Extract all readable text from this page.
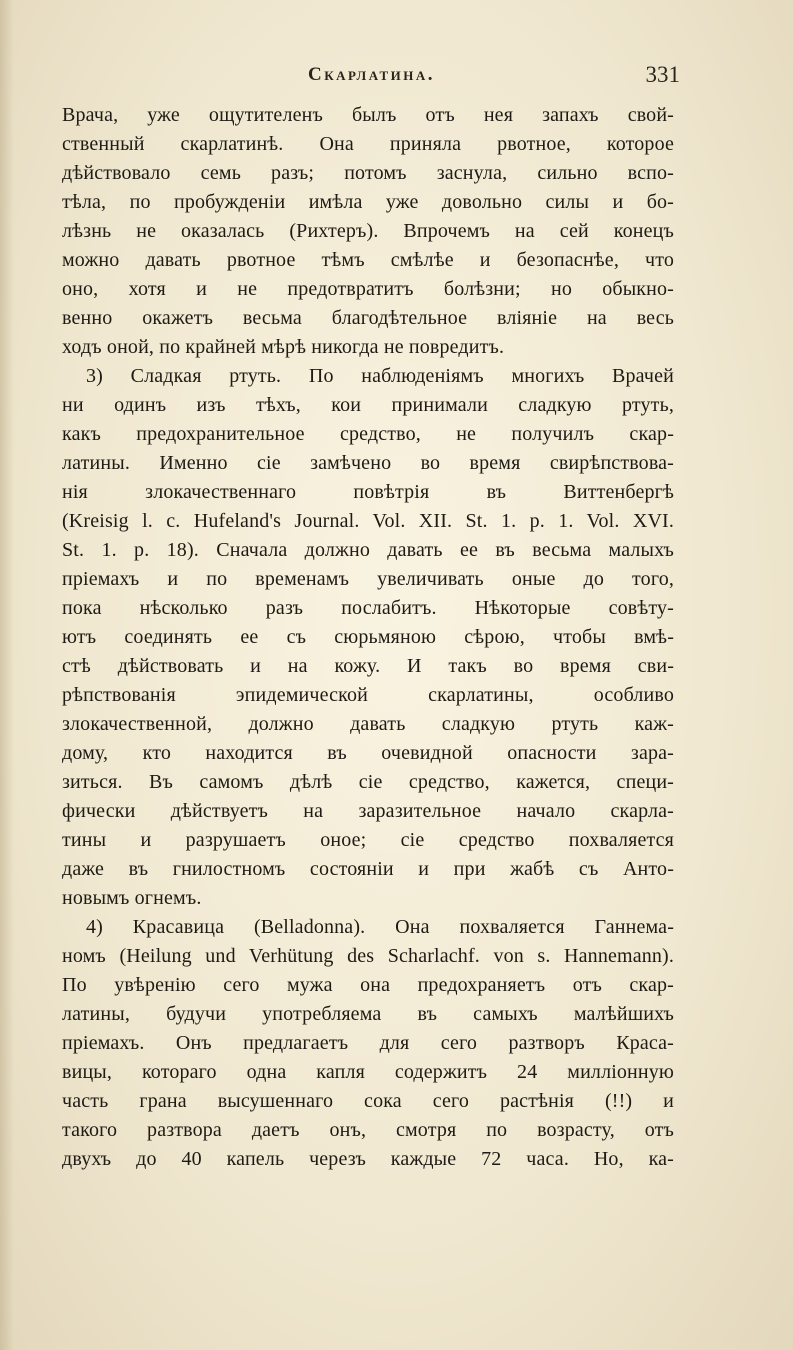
Скарлатина.	331
Врача, уже ощутителенъ былъ отъ нея запахъ свой-
ственный скарлатинѣ. Она приняла рвотное, которое
дѣйствовало семь разъ; потомъ заснула, сильно вспо-
тѣла, по пробужденіи имѣла уже довольно силы и бо-
лѣзнь не оказалась (Рихтеръ). Впрочемъ на сей конецъ
можно давать рвотное тѣмъ смѣлѣе и безопаснѣе, что
оно, хотя и не предотвратитъ болѣзни; но обыкно-
венно окажетъ весьма благодѣтельное вліяніе на весь
ходъ оной, по крайней мѣрѣ никогда не повредитъ.
3) Сладкая ртуть. По наблюденіямъ многихъ Врачей
ни одинъ изъ тѣхъ, кои принимали сладкую ртуть,
какъ предохранительное средство, не получилъ скар-
латины. Именно сіе замѣчено во время свирѣпствова-
нія злокачественнаго повѣтрія въ Виттенбергѣ
(Kreisig l. c. Hufeland's Journal. Vol. XII. St. 1. p. 1. Vol. XVI.
St. 1. p. 18). Сначала должно давать ее въ весьма малыхъ
пріемахъ и по временамъ увеличивать оные до того,
пока нѣсколько разъ послабитъ. Нѣкоторые совѣту-
ютъ соединять ее съ сюрьмяною сѣрою, чтобы вмѣ-
стѣ дѣйствовать и на кожу. И такъ во время сви-
рѣпствованія эпидемической скарлатины, особливо
злокачественной, должно давать сладкую ртуть каж-
дому, кто находится въ очевидной опасности зара-
зиться. Въ самомъ дѣлѣ сіе средство, кажется, специ-
фически дѣйствуетъ на заразительное начало скарла-
тины и разрушаетъ оное; сіе средство похваляется
даже въ гнилостномъ состояніи и при жабѣ съ Анто-
новымъ огнемъ.
4) Красавица (Belladonna). Она похваляется Ганнема-
номъ (Heilung und Verhütung des Scharlachf. von s. Hannemann).
По увѣренію сего мужа она предохраняетъ отъ скар-
латины, будучи употребляема въ самыхъ малѣйшихъ
пріемахъ. Онъ предлагаетъ для сего разтворъ Краса-
вицы, котораго одна капля содержитъ 24 милліонную
часть грана высушеннаго сока сего растѣнія (!!) и
такого разтвора даетъ онъ, смотря по возрасту, отъ
двухъ до 40 капель черезъ каждые 72 часа. Но, ка-
